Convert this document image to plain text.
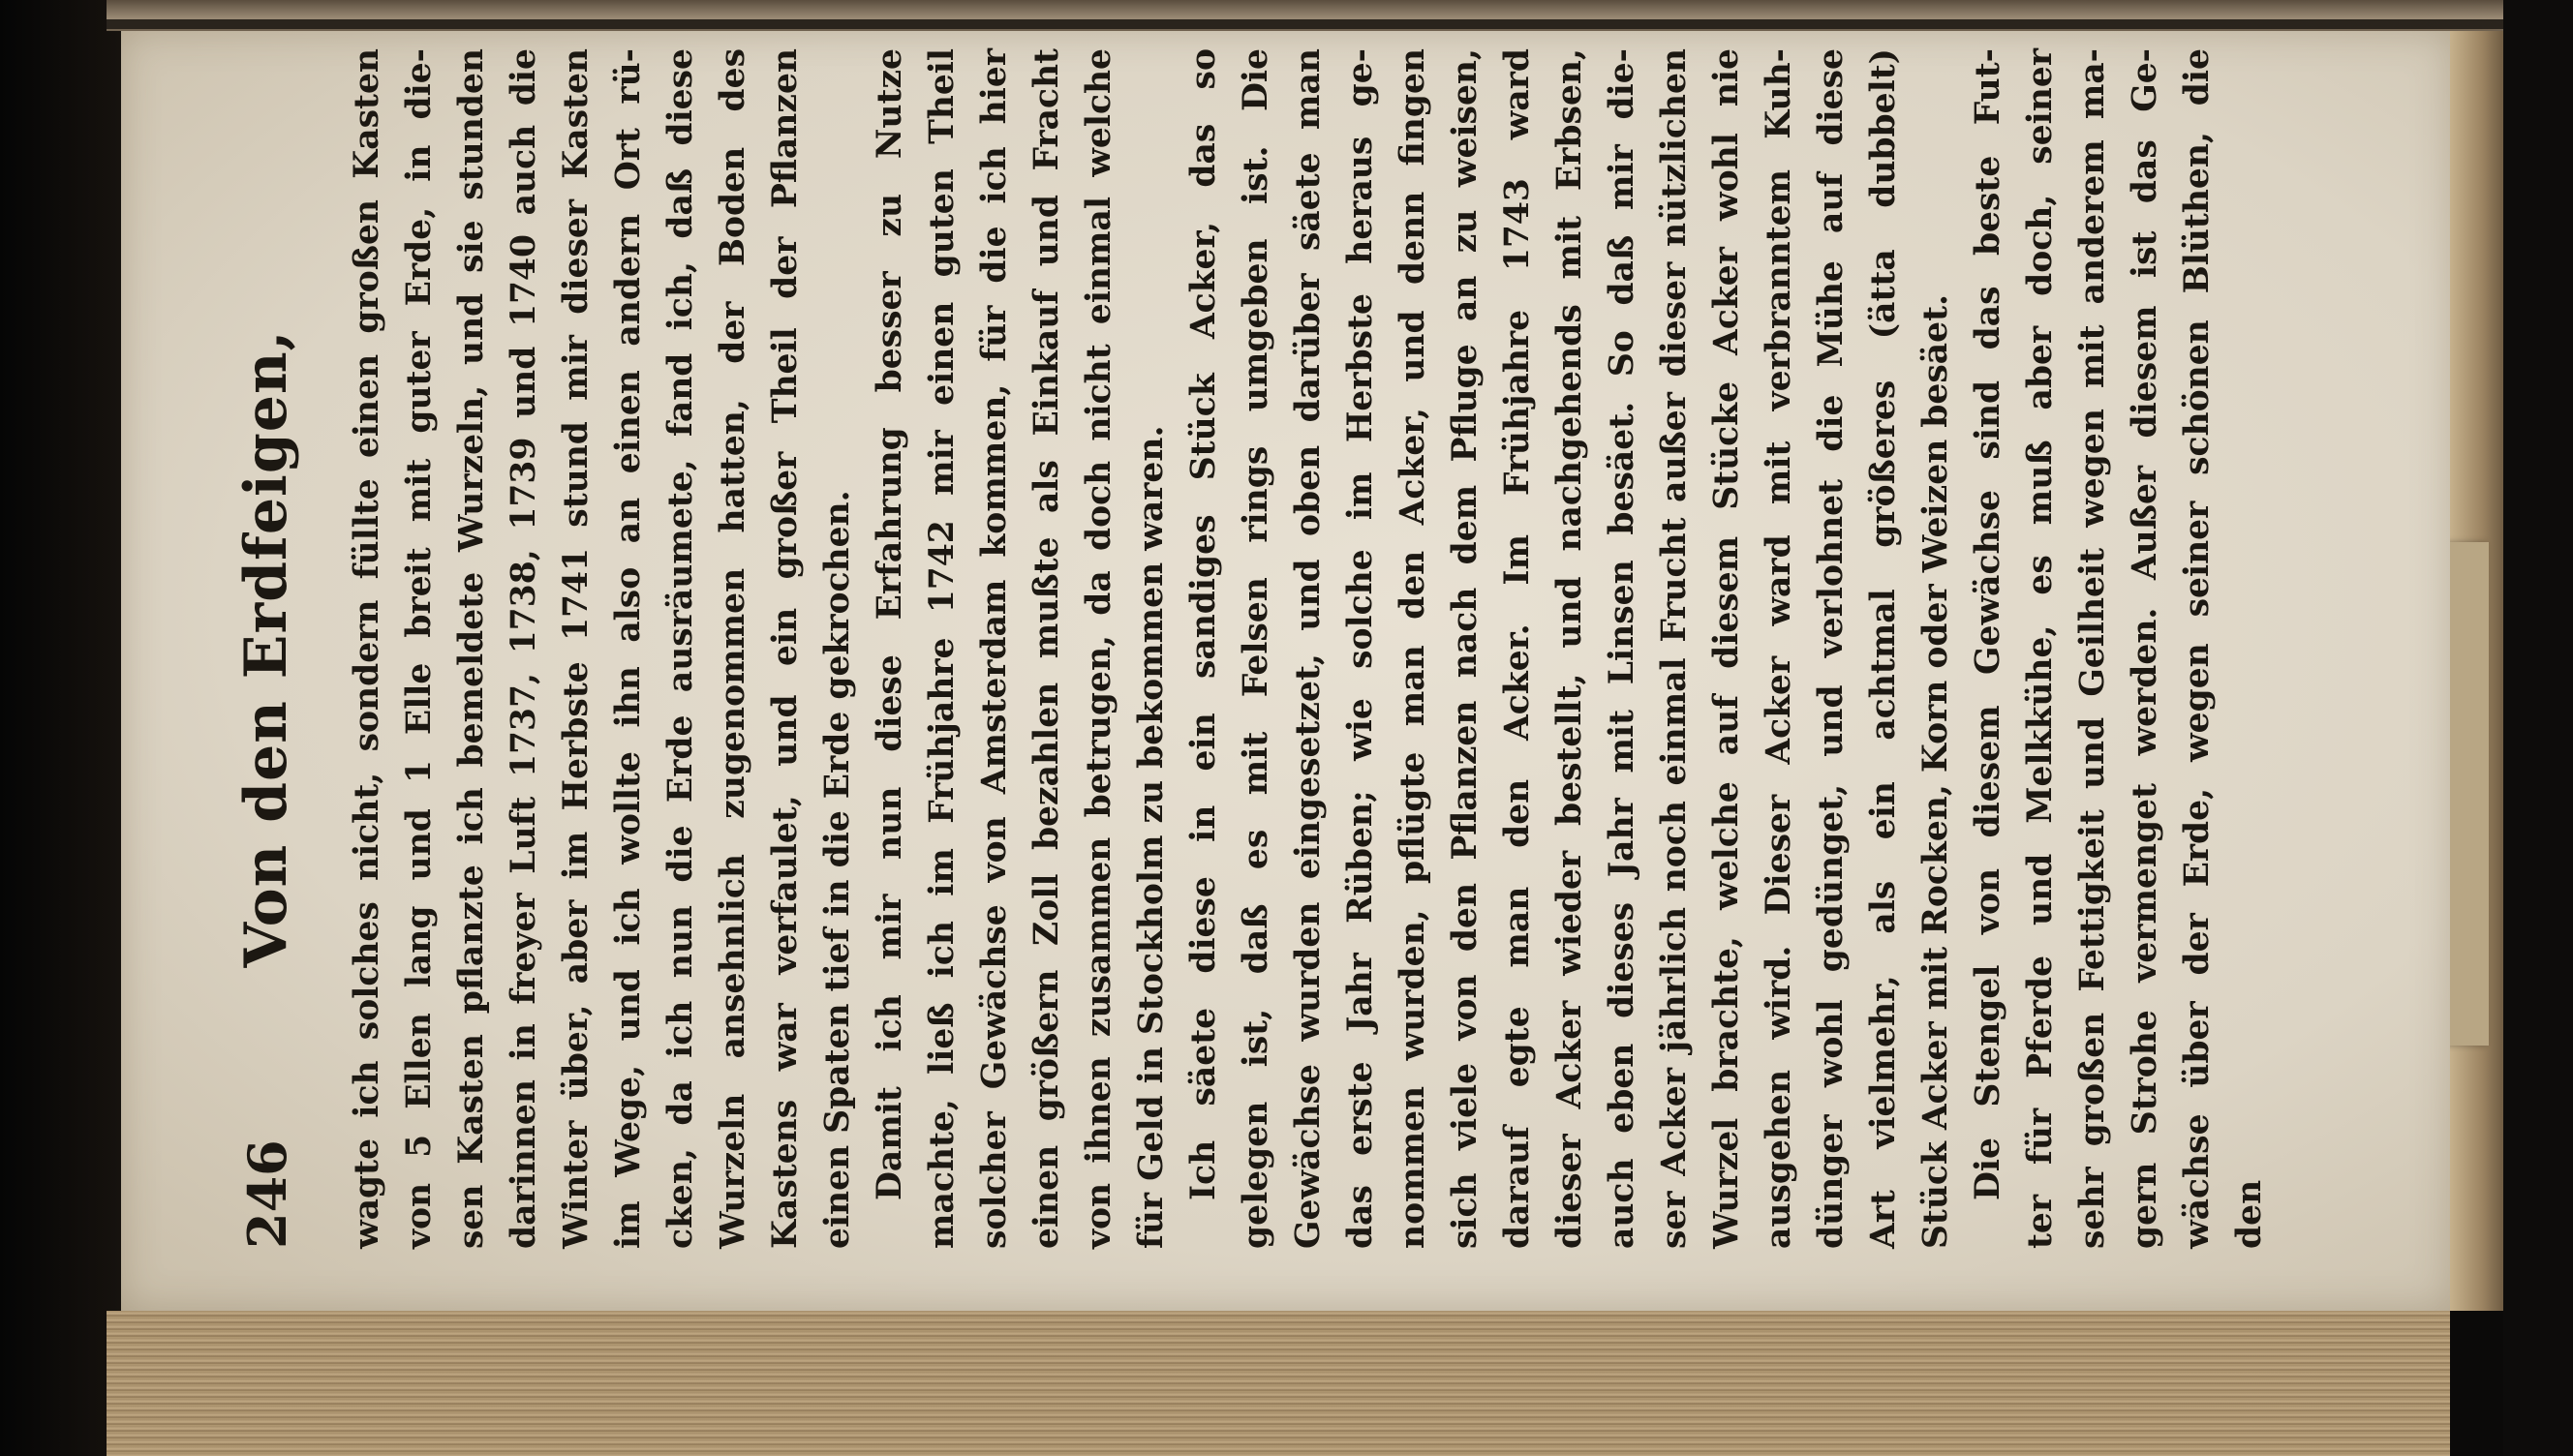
246
Von den Erdfeigen, wagte ich solches nicht, sondern füllte einen großen Kasten von 5 Ellen lang und 1 Elle breit mit guter Erde, in die- sen Kasten pflanzte ich bemeldete Wurzeln, und sie stunden darinnen in freyer Luft 1737, 1738, 1739 und 1740 auch die Winter über, aber im Herbste 1741 stund mir dieser Kasten im Wege, und ich wollte ihn also an einen andern Ort rü- cken, da ich nun die Erde ausräumete, fand ich, daß diese Wurzeln ansehnlich zugenommen hatten, der Boden des Kastens war verfaulet, und ein großer Theil der Pflanzen einen Spaten tief in die Erde gekrochen. Damit ich mir nun diese Erfahrung besser zu Nutze machte, ließ ich im Frühjahre 1742 mir einen guten Theil solcher Gewächse von Amsterdam kommen, für die ich hier einen größern Zoll bezahlen mußte als Einkauf und Fracht von ihnen zusammen betrugen, da doch nicht einmal welche für Geld in Stockholm zu bekommen waren. Ich säete diese in ein sandiges Stück Acker, das so gelegen ist, daß es mit Felsen rings umgeben ist. Die Gewächse wurden eingesetzet, und oben darüber säete man das erste Jahr Rüben; wie solche im Herbste heraus ge- nommen wurden, pflügte man den Acker, und denn fingen sich viele von den Pflanzen nach dem Pfluge an zu weisen, darauf egte man den Acker. Im Frühjahre 1743 ward dieser Acker wieder bestellt, und nachgehends mit Erbsen, auch eben dieses Jahr mit Linsen besäet. So daß mir die- ser Acker jährlich noch einmal Frucht außer dieser nützlichen Wurzel brachte, welche auf diesem Stücke Acker wohl nie ausgehen wird. Dieser Acker ward mit verbranntem Kuh- dünger wohl gedünget, und verlohnet die Mühe auf diese Art vielmehr, als ein achtmal größeres (ätta dubbelt) Stück Acker mit Rocken, Korn oder Weizen besäet. Die Stengel von diesem Gewächse sind das beste Fut- ter für Pferde und Melkkühe, es muß aber doch, seiner sehr großen Fettigkeit und Geilheit wegen mit anderem ma- gern Strohe vermenget werden. Außer diesem ist das Ge- wächse über der Erde, wegen seiner schönen Blüthen, die den
